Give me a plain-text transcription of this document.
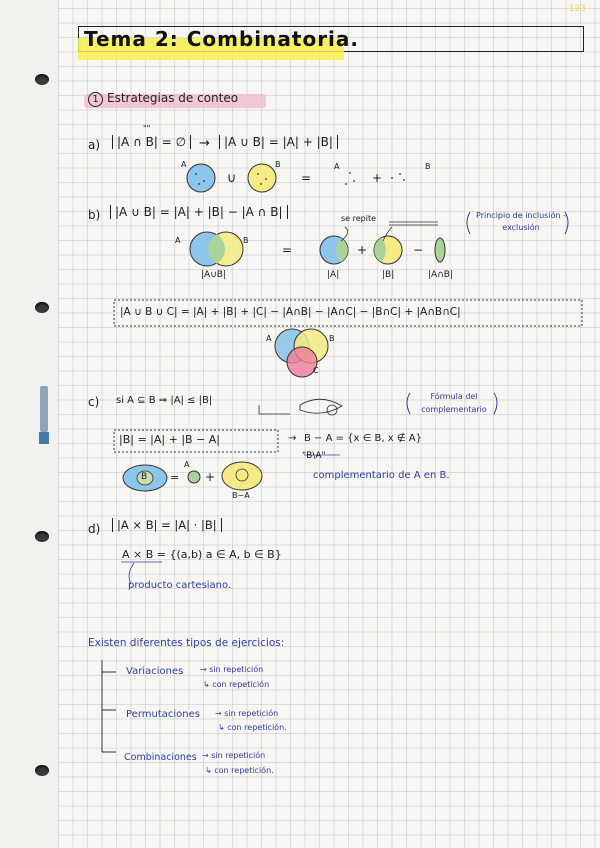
123
Tema 2: Combinatoria.
1 Estrategias de conteo
a)	|A ∩ B| = ∅
""
→	|A ∪ B| = |A| + |B|
A
∪
B
=
A
+
B
b)	|A ∪ B| = |A| + |B| − |A ∩ B|	se repite	Principio de inclusión - exclusión
A	B
|A∪B|
=	+	−
|A|	|B|	|A∩B|
|A ∪ B ∪ C| = |A| + |B| + |C| − |A∩B| − |A∩C| − |B∩C| + |A∩B∩C|
A	B
C
c) si A ⊆ B ⇒ |A| ≤ |B|	Fórmula del complementario
|B| = |A| + |B − A|	→ B − A = {x ∈ B, x ∉ A}
"B\A"
complementario de A en B.
B =
A
+
B−A
d)	|A × B| = |A| · |B|
A × B = {(a,b) a ∈ A, b ∈ B}
producto cartesiano.
Existen diferentes tipos de ejercicios:
Variaciones → sin repetición
↳ con repetición
Permutaciones → sin repetición
↳ con repetición.
Combinaciones → sin repetición
↳ con repetición.
